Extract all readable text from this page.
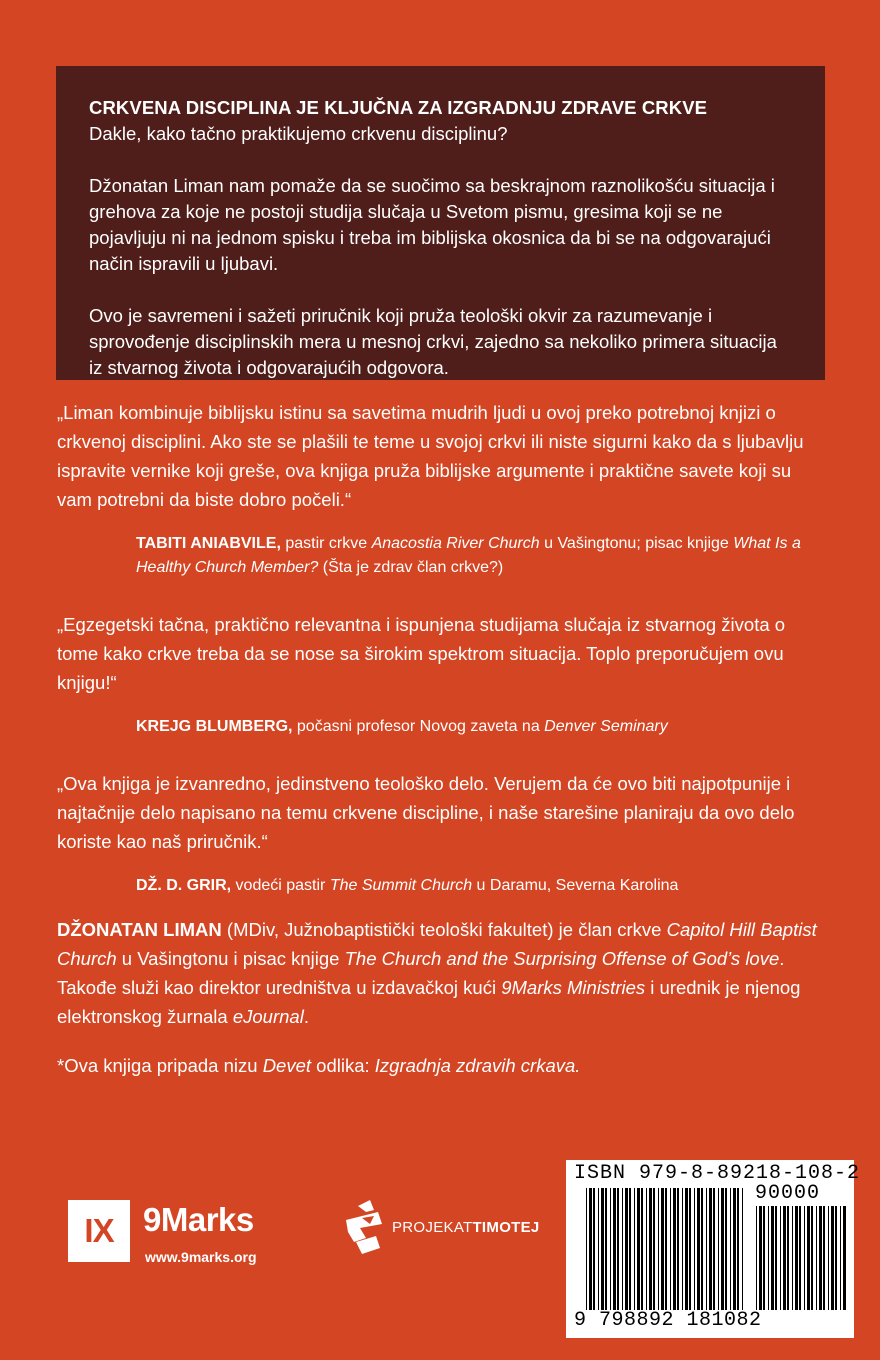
CRKVENA DISCIPLINA JE KLJUČNA ZA IZGRADNJU ZDRAVE CRKVE

Dakle, kako tačno praktikujemo crkvenu disciplinu?

Džonatan Liman nam pomaže da se suočimo sa beskrajnom raznolikošću situacija i grehova za koje ne postoji studija slučaja u Svetom pismu, gresima koji se ne pojavljuju ni na jednom spisku i treba im biblijska okosnica da bi se na odgovarajući način ispravili u ljubavi.

Ovo je savremeni i sažeti priručnik koji pruža teološki okvir za razumevanje i sprovođenje disciplinskih mera u mesnoj crkvi, zajedno sa nekoliko primera situacija iz stvarnog života i odgovarajućih odgovora.

„Liman kombinuje biblijsku istinu sa savetima mudrih ljudi u ovoj preko potrebnoj knjizi o crkvenoj disciplini. Ako ste se plašili te teme u svojoj crkvi ili niste sigurni kako da s ljubavlju ispravite vernike koji greše, ova knjiga pruža biblijske argumente i praktične savete koji su vam potrebni da biste dobro počeli.“

TABITI ANIABVILE, pastir crkve Anacostia River Church u Vašingtonu; pisac knjige What Is a Healthy Church Member? (Šta je zdrav član crkve?)

„Egzegetski tačna, praktično relevantna i ispunjena studijama slučaja iz stvarnog života o tome kako crkve treba da se nose sa širokim spektrom situacija. Toplo preporučujem ovu knjigu!“

KREJG BLUMBERG, počasni profesor Novog zaveta na Denver Seminary

„Ova knjiga je izvanredno, jedinstveno teološko delo. Verujem da će ovo biti najpotpunije i najtačnije delo napisano na temu crkvene discipline, i naše starešine planiraju da ovo delo koriste kao naš priručnik.“

DŽ. D. GRIR, vodeći pastir The Summit Church u Daramu, Severna Karolina

DŽONATAN LIMAN (MDiv, Južnobaptistički teološki fakultet) je član crkve Capitol Hill Baptist Church u Vašingtonu i pisac knjige The Church and the Surprising Offense of God’s love. Takođe služi kao direktor uredništva u izdavačkoj kući 9Marks Ministries i urednik je njenog elektronskog žurnala eJournal.

*Ova knjiga pripada nizu Devet odlika: Izgradnja zdravih crkava.

IX 9Marks
www.9marks.org
PROJEKATTIMOTEJ
ISBN 979-8-89218-108-2
90000
9 798892 181082
